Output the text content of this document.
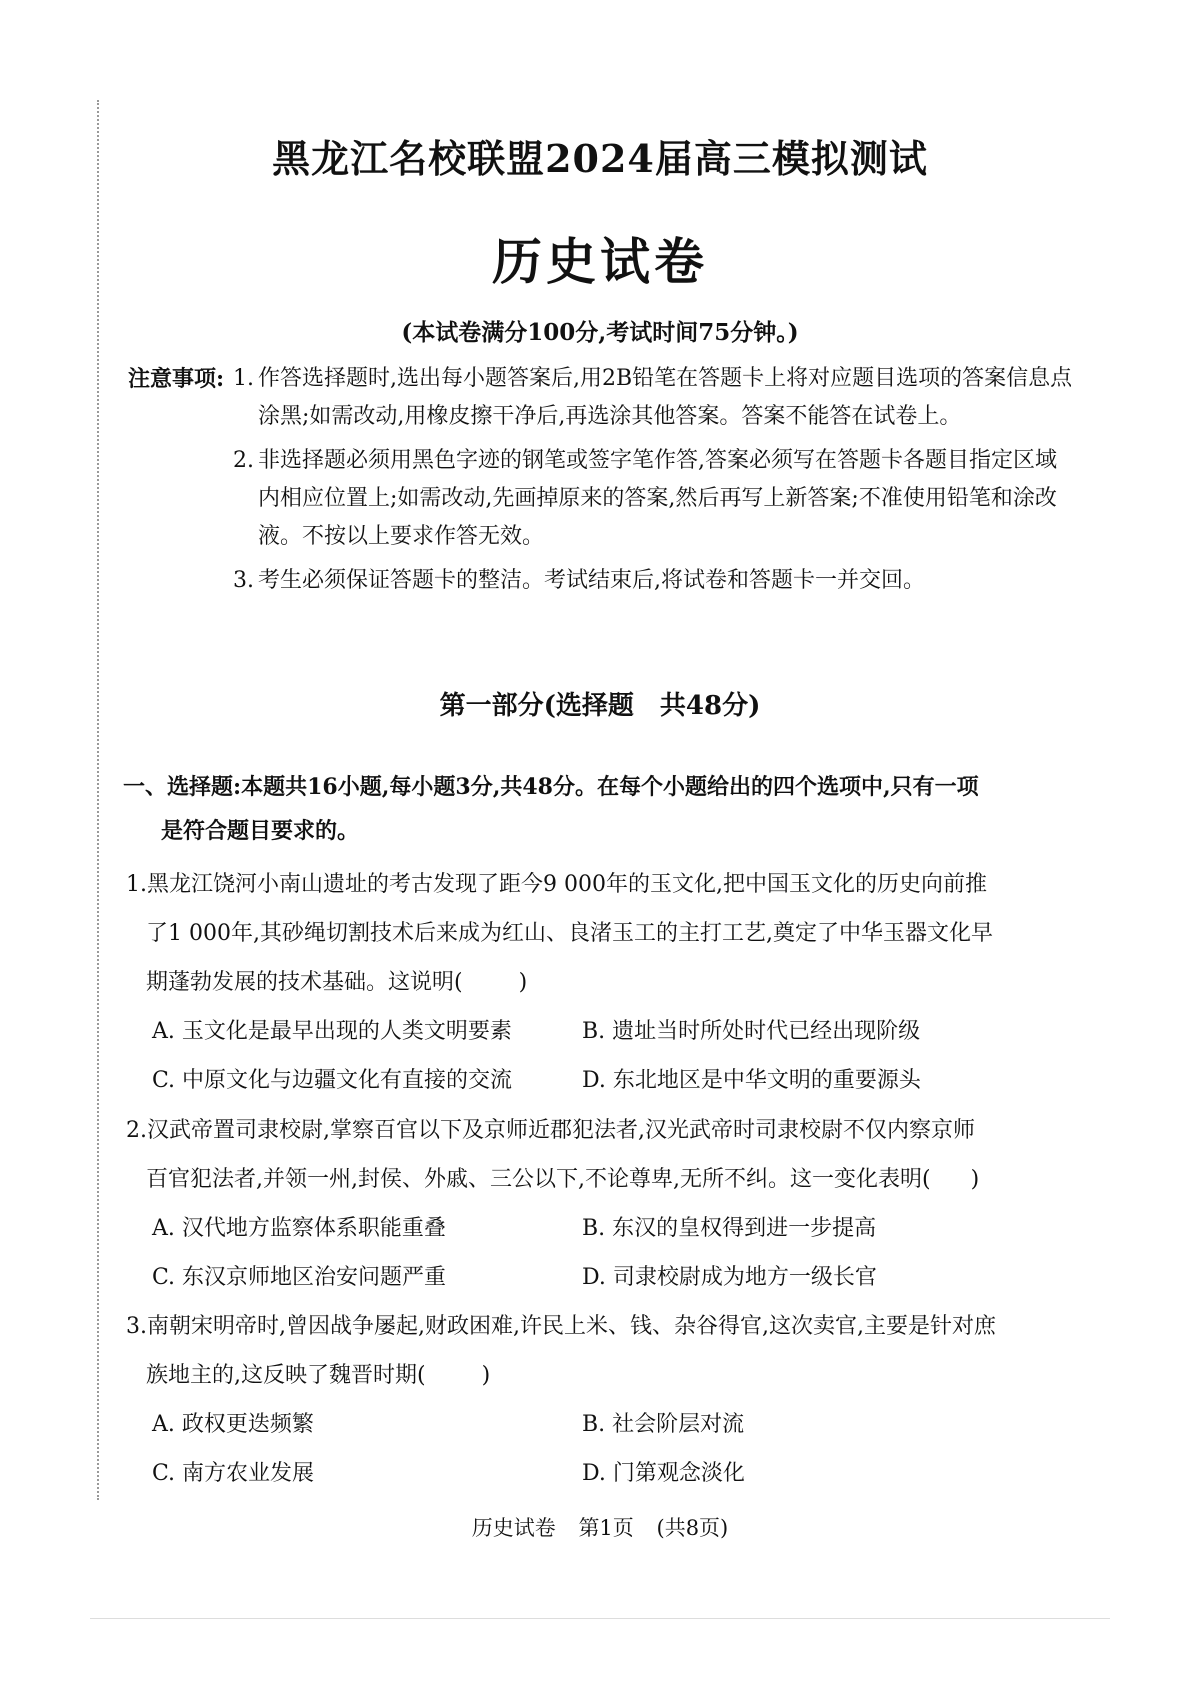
黑龙江名校联盟2024届高三模拟测试
历史试卷
(本试卷满分100分,考试时间75分钟。)
注意事项: 1. 作答选择题时,选出每小题答案后,用2B铅笔在答题卡上将对应题目选项的答案信息点涂黑;如需改动,用橡皮擦干净后,再选涂其他答案。答案不能答在试卷上。
2. 非选择题必须用黑色字迹的钢笔或签字笔作答,答案必须写在答题卡各题目指定区域内相应位置上;如需改动,先画掉原来的答案,然后再写上新答案;不准使用铅笔和涂改液。不按以上要求作答无效。
3. 考生必须保证答题卡的整洁。考试结束后,将试卷和答题卡一并交回。
第一部分(选择题　共48分)
一、选择题:本题共16小题,每小题3分,共48分。在每个小题给出的四个选项中,只有一项
是符合题目要求的。
1.黑龙江饶河小南山遗址的考古发现了距今9 000年的玉文化,把中国玉文化的历史向前推
了1 000年,其砂绳切割技术后来成为红山、良渚玉工的主打工艺,奠定了中华玉器文化早
期蓬勃发展的技术基础。这说明(	)
A. 玉文化是最早出现的人类文明要素	B. 遗址当时所处时代已经出现阶级
C. 中原文化与边疆文化有直接的交流	D. 东北地区是中华文明的重要源头
2.汉武帝置司隶校尉,掌察百官以下及京师近郡犯法者,汉光武帝时司隶校尉不仅内察京师
百官犯法者,并领一州,封侯、外戚、三公以下,不论尊卑,无所不纠。这一变化表明( )
A. 汉代地方监察体系职能重叠	B. 东汉的皇权得到进一步提高
C. 东汉京师地区治安问题严重	D. 司隶校尉成为地方一级长官
3.南朝宋明帝时,曾因战争屡起,财政困难,许民上米、钱、杂谷得官,这次卖官,主要是针对庶
族地主的,这反映了魏晋时期(	)
A. 政权更迭频繁	B. 社会阶层对流
C. 南方农业发展	D. 门第观念淡化
历史试卷 第1页 (共8页)
